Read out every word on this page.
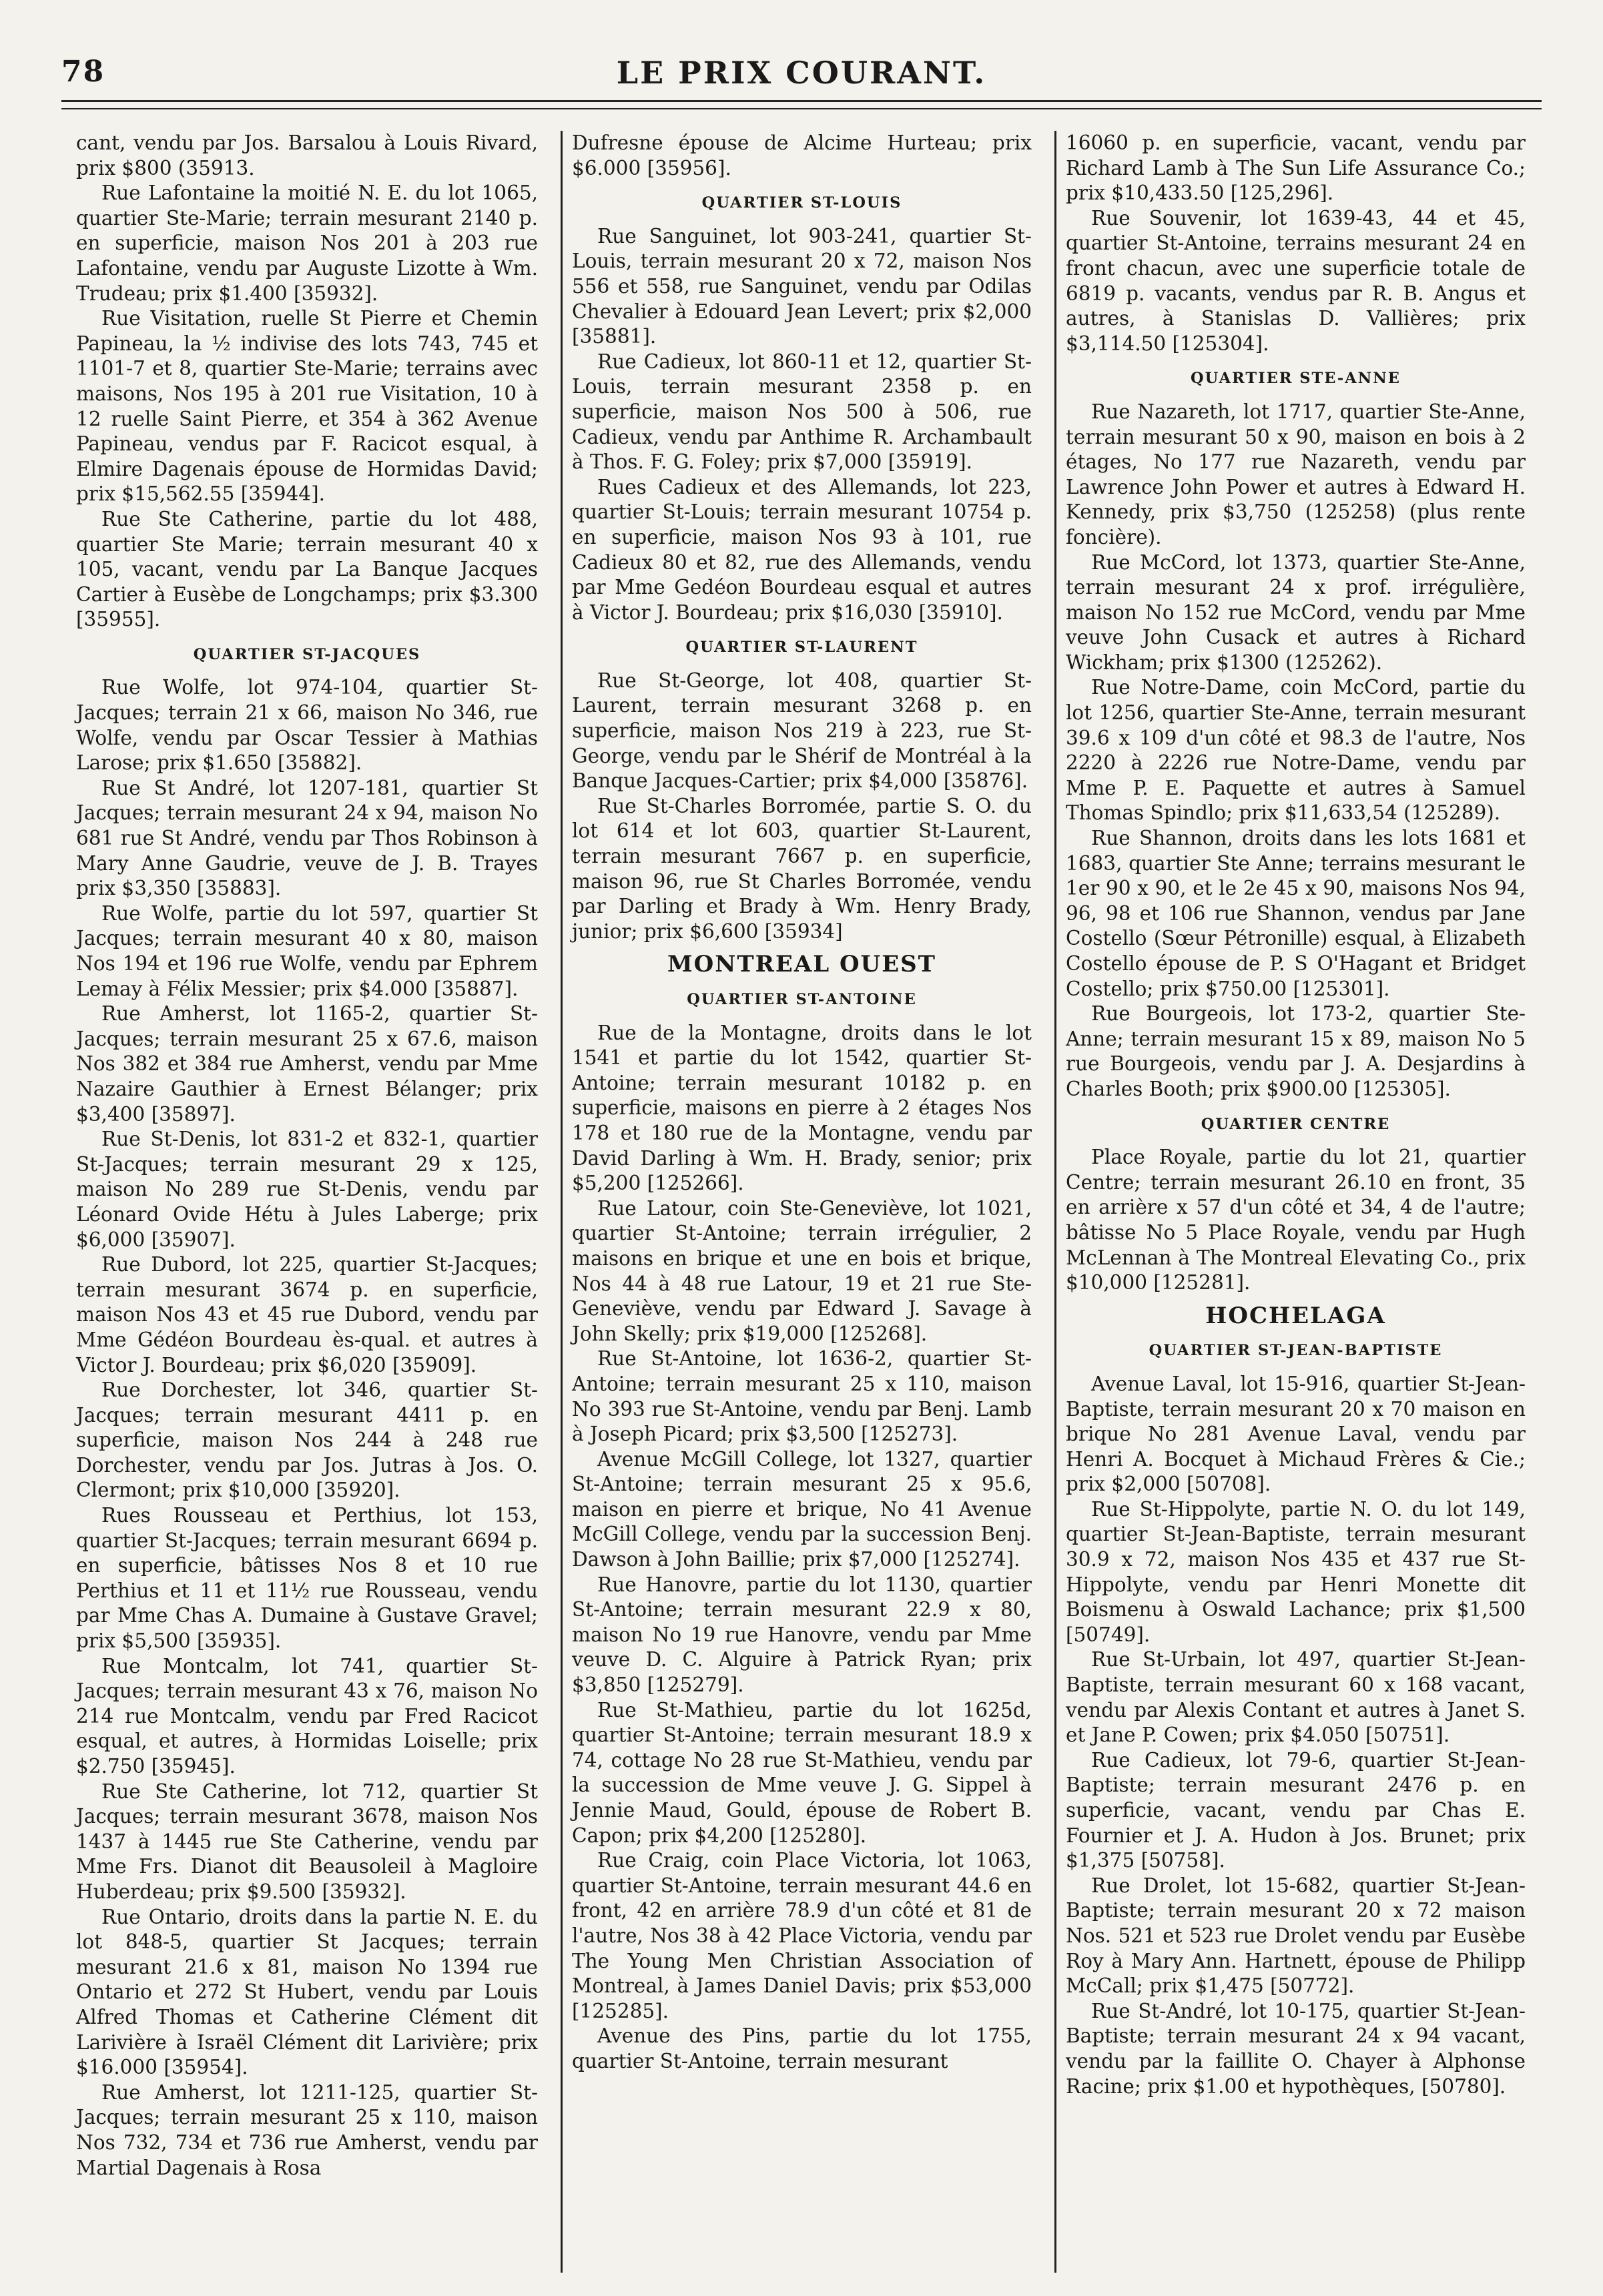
78	LE PRIX COURANT.

cant, vendu par Jos. Barsalou à Louis Rivard, prix $800 (35913.

Rue Lafontaine la moitié N. E. du lot 1065, quartier Ste-Marie; terrain mesurant 2140 p. en superficie, maison Nos 201 à 203 rue Lafontaine, vendu par Auguste Lizotte à Wm. Trudeau; prix $1.400 [35932].

Rue Visitation, ruelle St Pierre et Chemin Papineau, la ½ indivise des lots 743, 745 et 1101-7 et 8, quartier Ste-Marie; terrains avec maisons, Nos 195 à 201 rue Visitation, 10 à 12 ruelle Saint Pierre, et 354 à 362 Avenue Papineau, vendus par F. Racicot esqual, à Elmire Dagenais épouse de Hormidas David; prix $15,562.55 [35944].

Rue Ste Catherine, partie du lot 488, quartier Ste Marie; terrain mesurant 40 x 105, vacant, vendu par La Banque Jacques Cartier à Eusèbe de Longchamps; prix $3.300 [35955].

QUARTIER ST-JACQUES

Rue Wolfe, lot 974-104, quartier St-Jacques; terrain 21 x 66, maison No 346, rue Wolfe, vendu par Oscar Tessier à Mathias Larose; prix $1.650 [35882].

Rue St André, lot 1207-181, quartier St Jacques; terrain mesurant 24 x 94, maison No 681 rue St André, vendu par Thos Robinson à Mary Anne Gaudrie, veuve de J. B. Trayes prix $3,350 [35883].

Rue Wolfe, partie du lot 597, quartier St Jacques; terrain mesurant 40 x 80, maison Nos 194 et 196 rue Wolfe, vendu par Ephrem Lemay à Félix Messier; prix $4.000 [35887].

Rue Amherst, lot 1165-2, quartier St-Jacques; terrain mesurant 25 x 67.6, maison Nos 382 et 384 rue Amherst, vendu par Mme Nazaire Gauthier à Ernest Bélanger; prix $3,400 [35897].

Rue St-Denis, lot 831-2 et 832-1, quartier St-Jacques; terrain mesurant 29 x 125, maison No 289 rue St-Denis, vendu par Léonard Ovide Hétu à Jules Laberge; prix $6,000 [35907].

Rue Dubord, lot 225, quartier St-Jacques; terrain mesurant 3674 p. en superficie, maison Nos 43 et 45 rue Dubord, vendu par Mme Gédéon Bourdeau ès-qual. et autres à Victor J. Bourdeau; prix $6,020 [35909].

Rue Dorchester, lot 346, quartier St-Jacques; terrain mesurant 4411 p. en superficie, maison Nos 244 à 248 rue Dorchester, vendu par Jos. Jutras à Jos. O. Clermont; prix $10,000 [35920].

Rues Rousseau et Perthius, lot 153, quartier St-Jacques; terrain mesurant 6694 p. en superficie, bâtisses Nos 8 et 10 rue Perthius et 11 et 11½ rue Rousseau, vendu par Mme Chas A. Dumaine à Gustave Gravel; prix $5,500 [35935].

Rue Montcalm, lot 741, quartier St-Jacques; terrain mesurant 43 x 76, maison No 214 rue Montcalm, vendu par Fred Racicot esqual, et autres, à Hormidas Loiselle; prix $2.750 [35945].

Rue Ste Catherine, lot 712, quartier St Jacques; terrain mesurant 3678, maison Nos 1437 à 1445 rue Ste Catherine, vendu par Mme Frs. Dianot dit Beausoleil à Magloire Huberdeau; prix $9.500 [35932].

Rue Ontario, droits dans la partie N. E. du lot 848-5, quartier St Jacques; terrain mesurant 21.6 x 81, maison No 1394 rue Ontario et 272 St Hubert, vendu par Louis Alfred Thomas et Catherine Clément dit Larivière à Israël Clément dit Larivière; prix $16.000 [35954].

Rue Amherst, lot 1211-125, quartier St-Jacques; terrain mesurant 25 x 110, maison Nos 732, 734 et 736 rue Amherst, vendu par Martial Dagenais à Rosa

Dufresne épouse de Alcime Hurteau; prix $6.000 [35956].

QUARTIER ST-LOUIS

Rue Sanguinet, lot 903-241, quartier St-Louis, terrain mesurant 20 x 72, maison Nos 556 et 558, rue Sanguinet, vendu par Odilas Chevalier à Edouard Jean Levert; prix $2,000 [35881].

Rue Cadieux, lot 860-11 et 12, quartier St-Louis, terrain mesurant 2358 p. en superficie, maison Nos 500 à 506, rue Cadieux, vendu par Anthime R. Archambault à Thos. F. G. Foley; prix $7,000 [35919].

Rues Cadieux et des Allemands, lot 223, quartier St-Louis; terrain mesurant 10754 p. en superficie, maison Nos 93 à 101, rue Cadieux 80 et 82, rue des Allemands, vendu par Mme Gedéon Bourdeau esqual et autres à Victor J. Bourdeau; prix $16,030 [35910].

QUARTIER ST-LAURENT

Rue St-George, lot 408, quartier St-Laurent, terrain mesurant 3268 p. en superficie, maison Nos 219 à 223, rue St-George, vendu par le Shérif de Montréal à la Banque Jacques-Cartier; prix $4,000 [35876].

Rue St-Charles Borromée, partie S. O. du lot 614 et lot 603, quartier St-Laurent, terrain mesurant 7667 p. en superficie, maison 96, rue St Charles Borromée, vendu par Darling et Brady à Wm. Henry Brady, junior; prix $6,600 [35934]

MONTREAL OUEST
QUARTIER ST-ANTOINE

Rue de la Montagne, droits dans le lot 1541 et partie du lot 1542, quartier St-Antoine; terrain mesurant 10182 p. en superficie, maisons en pierre à 2 étages Nos 178 et 180 rue de la Montagne, vendu par David Darling à Wm. H. Brady, senior; prix $5,200 [125266].

Rue Latour, coin Ste-Geneviève, lot 1021, quartier St-Antoine; terrain irrégulier, 2 maisons en brique et une en bois et brique, Nos 44 à 48 rue Latour, 19 et 21 rue Ste-Geneviève, vendu par Edward J. Savage à John Skelly; prix $19,000 [125268].

Rue St-Antoine, lot 1636-2, quartier St-Antoine; terrain mesurant 25 x 110, maison No 393 rue St-Antoine, vendu par Benj. Lamb à Joseph Picard; prix $3,500 [125273].

Avenue McGill College, lot 1327, quartier St-Antoine; terrain mesurant 25 x 95.6, maison en pierre et brique, No 41 Avenue McGill College, vendu par la succession Benj. Dawson à John Baillie; prix $7,000 [125274].

Rue Hanovre, partie du lot 1130, quartier St-Antoine; terrain mesurant 22.9 x 80, maison No 19 rue Hanovre, vendu par Mme veuve D. C. Alguire à Patrick Ryan; prix $3,850 [125279].

Rue St-Mathieu, partie du lot 1625d, quartier St-Antoine; terrain mesurant 18.9 x 74, cottage No 28 rue St-Mathieu, vendu par la succession de Mme veuve J. G. Sippel à Jennie Maud, Gould, épouse de Robert B. Capon; prix $4,200 [125280].

Rue Craig, coin Place Victoria, lot 1063, quartier St-Antoine, terrain mesurant 44.6 en front, 42 en arrière 78.9 d'un côté et 81 de l'autre, Nos 38 à 42 Place Victoria, vendu par The Young Men Christian Association of Montreal, à James Daniel Davis; prix $53,000 [125285].

Avenue des Pins, partie du lot 1755, quartier St-Antoine, terrain mesurant

16060 p. en superficie, vacant, vendu par Richard Lamb à The Sun Life Assurance Co.; prix $10,433.50 [125,296].

Rue Souvenir, lot 1639-43, 44 et 45, quartier St-Antoine, terrains mesurant 24 en front chacun, avec une superficie totale de 6819 p. vacants, vendus par R. B. Angus et autres, à Stanislas D. Vallières; prix $3,114.50 [125304].

QUARTIER STE-ANNE

Rue Nazareth, lot 1717, quartier Ste-Anne, terrain mesurant 50 x 90, maison en bois à 2 étages, No 177 rue Nazareth, vendu par Lawrence John Power et autres à Edward H. Kennedy, prix $3,750 (125258) (plus rente foncière).

Rue McCord, lot 1373, quartier Ste-Anne, terrain mesurant 24 x prof. irrégulière, maison No 152 rue McCord, vendu par Mme veuve John Cusack et autres à Richard Wickham; prix $1300 (125262).

Rue Notre-Dame, coin McCord, partie du lot 1256, quartier Ste-Anne, terrain mesurant 39.6 x 109 d'un côté et 98.3 de l'autre, Nos 2220 à 2226 rue Notre-Dame, vendu par Mme P. E. Paquette et autres à Samuel Thomas Spindlo; prix $11,633,54 (125289).

Rue Shannon, droits dans les lots 1681 et 1683, quartier Ste Anne; terrains mesurant le 1er 90 x 90, et le 2e 45 x 90, maisons Nos 94, 96, 98 et 106 rue Shannon, vendus par Jane Costello (Sœur Pétronille) esqual, à Elizabeth Costello épouse de P. S O'Hagant et Bridget Costello; prix $750.00 [125301].

Rue Bourgeois, lot 173-2, quartier Ste-Anne; terrain mesurant 15 x 89, maison No 5 rue Bourgeois, vendu par J. A. Desjardins à Charles Booth; prix $900.00 [125305].

QUARTIER CENTRE

Place Royale, partie du lot 21, quartier Centre; terrain mesurant 26.10 en front, 35 en arrière x 57 d'un côté et 34, 4 de l'autre; bâtisse No 5 Place Royale, vendu par Hugh McLennan à The Montreal Elevating Co., prix $10,000 [125281].

HOCHELAGA
QUARTIER ST-JEAN-BAPTISTE

Avenue Laval, lot 15-916, quartier St-Jean-Baptiste, terrain mesurant 20 x 70 maison en brique No 281 Avenue Laval, vendu par Henri A. Bocquet à Michaud Frères & Cie.; prix $2,000 [50708].

Rue St-Hippolyte, partie N. O. du lot 149, quartier St-Jean-Baptiste, terrain mesurant 30.9 x 72, maison Nos 435 et 437 rue St-Hippolyte, vendu par Henri Monette dit Boismenu à Oswald Lachance; prix $1,500 [50749].

Rue St-Urbain, lot 497, quartier St-Jean-Baptiste, terrain mesurant 60 x 168 vacant, vendu par Alexis Contant et autres à Janet S. et Jane P. Cowen; prix $4.050 [50751].

Rue Cadieux, lot 79-6, quartier St-Jean-Baptiste; terrain mesurant 2476 p. en superficie, vacant, vendu par Chas E. Fournier et J. A. Hudon à Jos. Brunet; prix $1,375 [50758].

Rue Drolet, lot 15-682, quartier St-Jean-Baptiste; terrain mesurant 20 x 72 maison Nos. 521 et 523 rue Drolet vendu par Eusèbe Roy à Mary Ann. Hartnett, épouse de Philipp McCall; prix $1,475 [50772].

Rue St-André, lot 10-175, quartier St-Jean-Baptiste; terrain mesurant 24 x 94 vacant, vendu par la faillite O. Chayer à Alphonse Racine; prix $1.00 et hypothèques, [50780].
